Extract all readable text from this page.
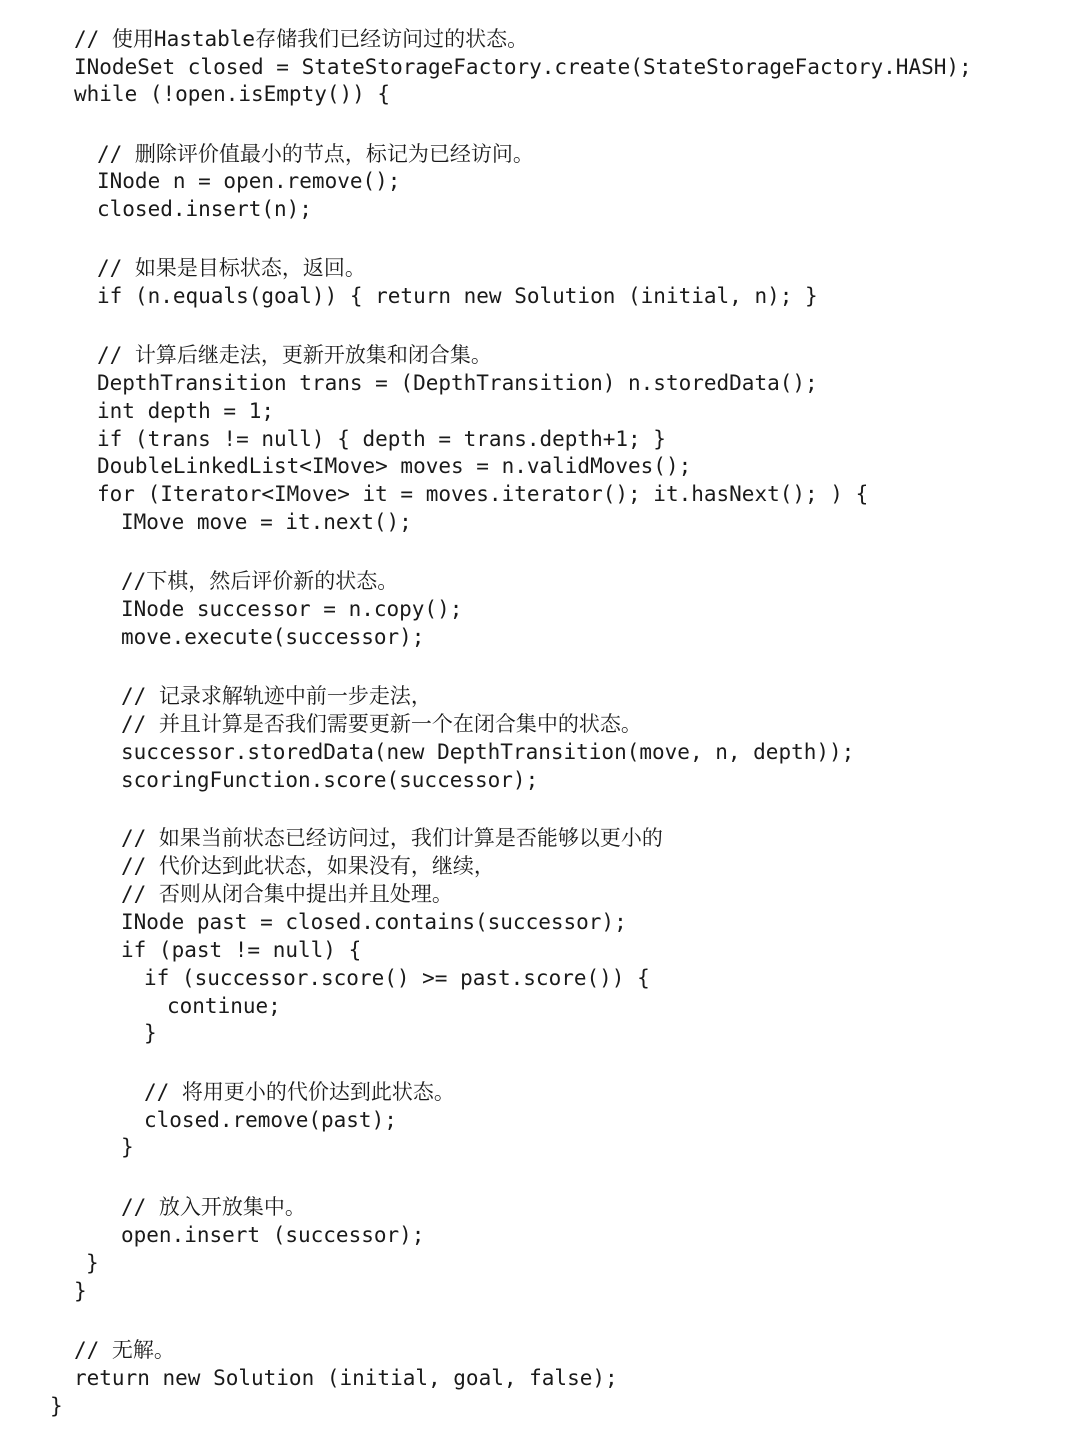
// 使用Hastable存储我们已经访问过的状态。
INodeSet closed = StateStorageFactory.create(StateStorageFactory.HASH);
while (!open.isEmpty()) {
// 删除评价值最小的节点，标记为已经访问。
INode n = open.remove();
closed.insert(n);
// 如果是目标状态，返回。
if (n.equals(goal)) { return new Solution (initial, n); }
// 计算后继走法，更新开放集和闭合集。
DepthTransition trans = (DepthTransition) n.storedData();
int depth = 1;
if (trans != null) { depth = trans.depth+1; }
DoubleLinkedList<IMove> moves = n.validMoves();
for (Iterator<IMove> it = moves.iterator(); it.hasNext(); ) {
IMove move = it.next();
//下棋，然后评价新的状态。
INode successor = n.copy();
move.execute(successor);
// 记录求解轨迹中前一步走法，
// 并且计算是否我们需要更新一个在闭合集中的状态。
successor.storedData(new DepthTransition(move, n, depth));
scoringFunction.score(successor);
// 如果当前状态已经访问过，我们计算是否能够以更小的
// 代价达到此状态，如果没有，继续，
// 否则从闭合集中提出并且处理。
INode past = closed.contains(successor);
if (past != null) {
if (successor.score() >= past.score()) {
continue;
}
// 将用更小的代价达到此状态。
closed.remove(past);
}
// 放入开放集中。
open.insert (successor);
}
}
// 无解。
return new Solution (initial, goal, false);
}
